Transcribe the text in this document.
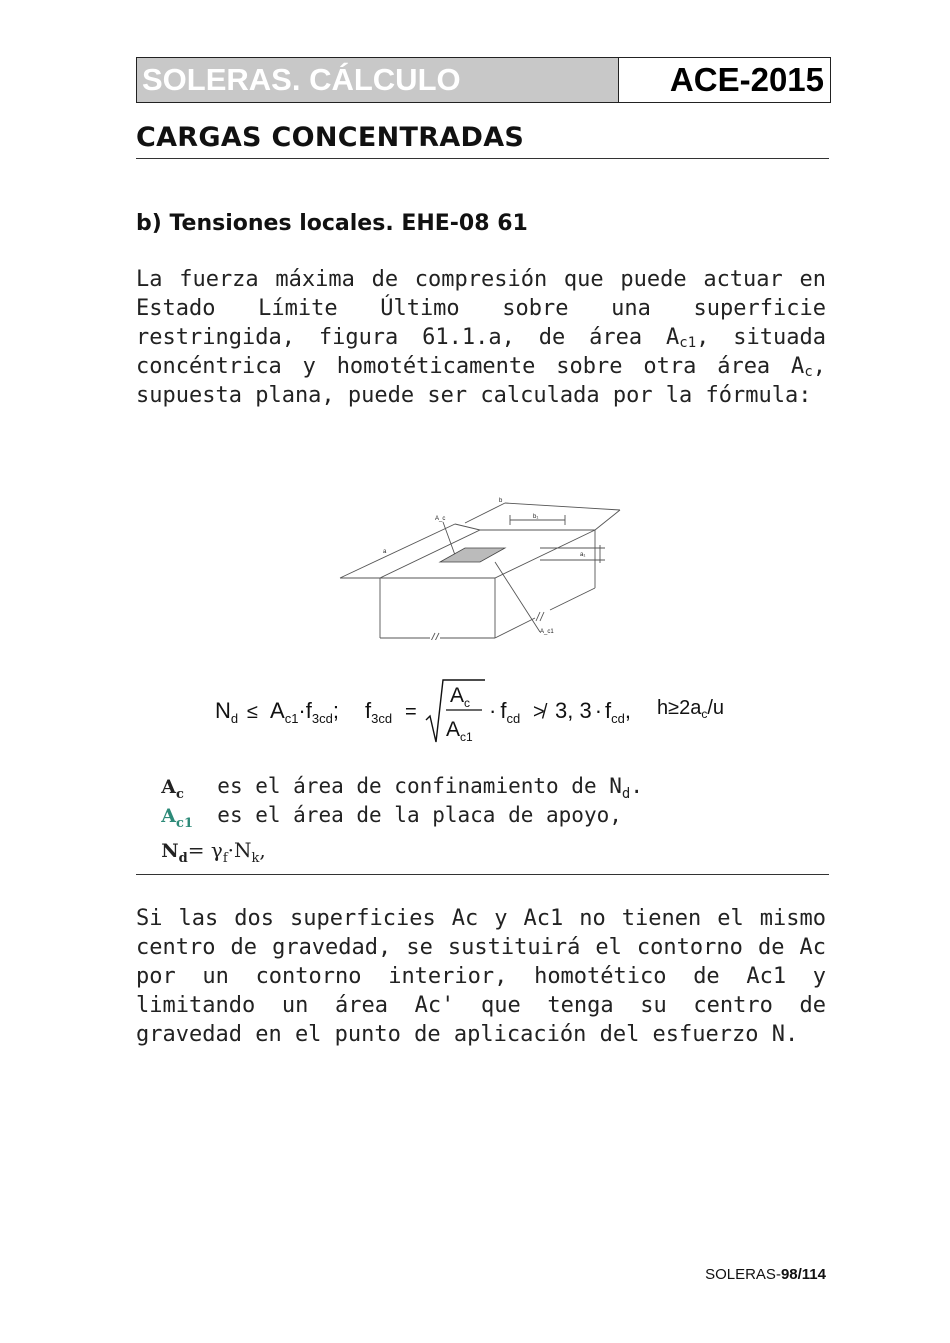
SOLERAS. CÁLCULO	ACE-2015
CARGAS CONCENTRADAS
b) Tensiones locales. EHE-08 61

La fuerza máxima de compresión que puede actuar en Estado Límite Último sobre una superficie restringida, figura 61.1.a, de área $A_{c1}$, situada concéntrica y homotéticamente sobre otra área $A_c$, supuesta plana, puede ser calculada por la fórmula:

b
b₁
a	a₁
A_c
A_c1
$N_d \le A_{c1}\cdot f_{3cd}$; $f_{3cd}$ =
$A_c$
$A_{c1}$
· $f_{cd}$ ≯ 3, $3 \cdot f_{cd}$, $h\ge 2a_c/u$

$A_c$ es el área de confinamiento de $N_d$.

$A_{c1}$ es el área de la placa de apoyo,

$N_d= \gamma_f\cdot N_k$,

Si las dos superficies Ac y Ac1 no tienen el mismo centro de gravedad, se sustituirá el contorno de Ac por un contorno interior, homotético de Ac1 y limitando un área Ac' que tenga su centro de gravedad en el punto de aplicación del esfuerzo N.

SOLERAS-98/114
